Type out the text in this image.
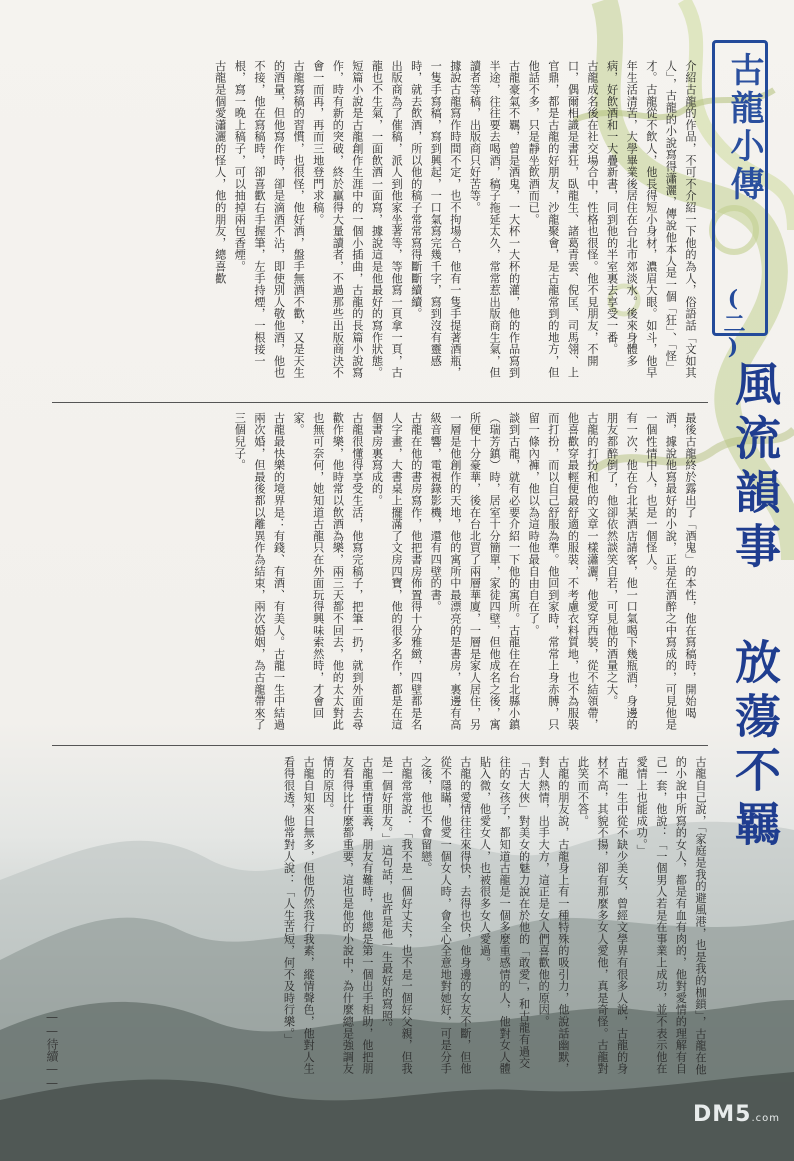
古龍小傳
(二)
風流韻事 放蕩不羈

介紹古龍的作品，不可不介紹一下他的為人，俗語話「文如其人」，古龍的小說寫得瀟灑，傳說他本人是一個「狂」、「怪」才。古龍從不飲人，他長得短小身材，濃眉大眼。如斗，他早年生活清苦，大學畢業後居住在台北市郊淡水。後來身體多病，好飲酒和一大疊新書，同到他的半室裏去享受一番。

古龍成名後在社交場合中，性格也很怪。他不見朋友，不開口，偶爾相識是書狂，臥龍生、諸葛青雲、倪匡、司馬翎、上官鼎，都是古龍的好朋友，沙龍聚會，是古龍常到的地方，但他話不多，只是靜坐飲酒而已。

古龍豪氣不羈，曾是酒鬼，一大杯一大杯的灌，他的作品寫到半途，往往要去喝酒，稿子拖延太久，常常惹出版商生氣，但讀者等稿，出版商只好苦等。

據說古龍寫作時間不定，也不拘場合，他有一隻手提著酒瓶，一隻手寫稿，寫到興起，一口氣寫完幾千字，寫到沒有靈感時，就去飲酒，所以他的稿子常常寫得斷斷續續。

出版商為了催稿，派人到他家坐著等，等他寫一頁拿一頁，古龍也不生氣，一面飲酒一面寫，據說這是他最好的寫作狀態。

短篇小說是古龍創作生涯中的一個小插曲，古龍的長篇小說寫作，時有新的突破，終於贏得大量讀者，不過那些出版商決不會一而再，再而三地登門求稿。

古龍寫稿的習慣，也很怪，他好酒，盤手無酒不歡，又是天生的酒量，但他寫作時，卻是滴酒不沾，即使別人敬他酒，他也不接，他在寫稿時，卻喜歡右手握筆，左手持煙，一根接一根，寫一晚上稿子，可以抽掉兩包香煙。

古龍是個愛瀟灑的怪人，他的朋友，總喜歡

最後古龍終於露出了「酒鬼」的本性，他在寫稿時，開始喝酒，據說他寫最好的小說，正是在酒醉之中寫成的，可見他是一個性情中人，也是一個怪人。

有一次，他在台北某酒店請客，他一口氣喝下幾瓶酒，身邊的朋友都醉倒了，他卻依然談笑自若，可見他的酒量之大。

古龍的打扮和他的文章一樣瀟灑，他愛穿西裝，從不結領帶，他喜歡穿最輕便最舒適的服裝，不考慮衣料質地，也不為服裝而打扮，而以自己舒服為準。他回到家時，常常上身赤膊，只留一條內褲，他以為這時他最自由自在了。

談到古龍，就有必要介紹一下他的寓所。古龍住在台北縣小鎮（瑞芳鎮）時，居室十分簡單，家徒四壁，但他成名之後，寓所便十分豪華，後在台北買了兩層華廈，一層是家人居住，另一層是他創作的天地，他的寓所中最漂亮的是書房，裏邊有高級音響，電視錄影機，還有四壁的書。

古龍在他的書房寫作，他把書房佈置得十分雅緻，四壁都是名人字畫，大書桌上擺滿了文房四寶，他的很多名作，都是在這個書房裏寫成的。

古龍很懂得享受生活，他寫完稿子，把筆一扔，就到外面去尋歡作樂，他時常以飲酒為樂，兩三天都不回去，他的太太對此也無可奈何，她知道古龍只在外面玩得興味索然時，才會回家。

古龍最快樂的境界是：有錢、有酒、有美人。古龍一生中結過兩次婚，但最後都以離異作為結束，兩次婚姻，為古龍帶來了三個兒子。

古龍自己說，「家庭是我的避風港，也是我的枷鎖」，古龍在他的小說中所寫的女人，都是有血有肉的，他對愛情的理解有自己一套，他說：「一個男人若是在事業上成功，並不表示他在愛情上也能成功。」

古龍一生中從不缺少美女，曾經文學界有很多人說，古龍的身材不高，其貌不揚，卻有那麼多女人愛他，真是奇怪。古龍對此笑而不答。

古龍的朋友說，古龍身上有一種特殊的吸引力，他說話幽默，對人熱情，出手大方，這正是女人們喜歡他的原因。

「古大俠」對美女的魅力說在於他的「敢愛」，和古龍有過交往的女孩子，都知道古龍是一個多麼重感情的人，他對女人體貼入微，他愛女人，也被很多女人愛過。

古龍的愛情往往來得快，去得也快，他身邊的女友不斷，但他從不隱瞞，他愛一個女人時，會全心全意地對她好，可是分手之後，他也不會留戀。

古龍常常說：「我不是一個好丈夫，也不是一個好父親，但我是一個好朋友。」這句話，也許是他一生最好的寫照。

古龍重情重義，朋友有難時，他總是第一個出手相助，他把朋友看得比什麼都重要，這也是他的小說中，為什麼總是強調友情的原因。

古龍自知來日無多，但他仍然我行我素，縱情聲色，他對人生看得很透，他常對人說：「人生苦短，何不及時行樂。」

——待續——
DM5.com
